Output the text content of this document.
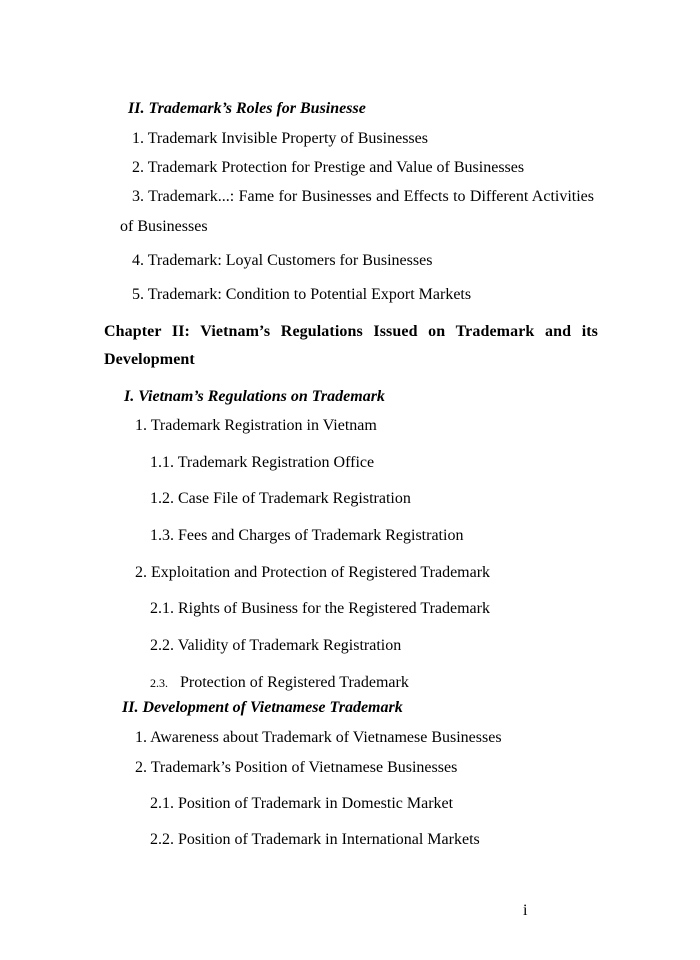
II. Trademark’s Roles for Businesse
1. Trademark Invisible Property of Businesses
2. Trademark Protection for Prestige and Value of Businesses
3. Trademark...: Fame for Businesses and Effects to Different Activities
of Businesses
4. Trademark: Loyal Customers for Businesses
5. Trademark: Condition to Potential Export Markets
Chapter II: Vietnam’s Regulations Issued on Trademark and its
Development
I. Vietnam’s Regulations on Trademark
1. Trademark Registration in Vietnam
1.1. Trademark Registration Office
1.2. Case File of Trademark Registration
1.3. Fees and Charges of Trademark Registration
2. Exploitation and Protection of Registered Trademark
2.1. Rights of Business for the Registered Trademark
2.2. Validity of Trademark Registration
2.3. Protection of Registered Trademark
II. Development of Vietnamese Trademark
1. Awareness about Trademark of Vietnamese Businesses
2. Trademark’s Position of Vietnamese Businesses
2.1. Position of Trademark in Domestic Market
2.2. Position of Trademark in International Markets
i
